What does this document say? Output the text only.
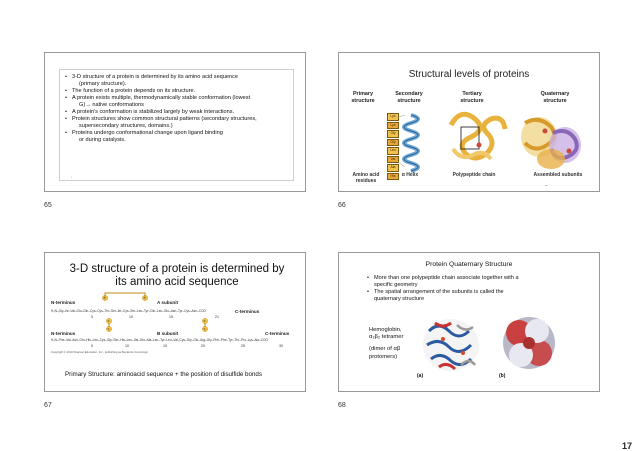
• 3-D structure of a protein is determined by its amino acid sequence
(primary structure).
• The function of a protein depends on its structure.
• A protein exists multiple, thermodynamically stable conformation (lowest
G)→ native conformations
• A protein's conformation is stabilized largely by weak interactions.
• Protein structures show common structural patterns (secondary structures,
supersecondary structures, domains.)
• Proteins undergo conformational change upon ligand binding
or during catalysis.
.
65
Structural levels of proteins
Primary
structure
Secondary
structure
Tertiary
structure
Quaternary
structure
Lys
Lys
Gly
Gly
Leu
Val
Ala
His
Amino acid
residues
α Helix	Polypeptide chain	Assembled subunits
–
66
3-D structure of a protein is determined by its amino acid sequence
N-terminus	A subunit
C-terminus
H₃N–Gly–Ile–Val–Glu–Gln–Cys–Cys–Thr–Ser–Ile–Cys–Ser–Leu–Tyr–Gln–Leu–Glu–Asn–Tyr–Cys–Asn–COO⁻
5	10	15	21
S	S
S
S
S
S
N-terminus	B subunit	C-terminus
H₃N–Phe–Val–Asn–Gln–His–Leu–Cys–Gly–Ser–His–Leu–Val–Glu–Ala–Leu–Tyr–Leu–Val–Cys–Gly–Glu–Arg–Gly–Phe–Phe–Tyr–Thr–Pro–Lys–Ala–COO⁻
5	10	15	20	25	30
Copyright © 2010 Pearson Education, Inc., publishing as Benjamin Cummings
Primary Structure: aminoacid sequence + the position of disulfide bonds
67
Protein Quaternary Structure
• More than one polypeptide chain associate together with a
specific geometry
• The spatial arrangement of the subunits is called the
quaternary structure
Hemoglobin,
α₂β₂ tetramer
(dimer of αβ
protomers)
(a)	(b)
68
17
